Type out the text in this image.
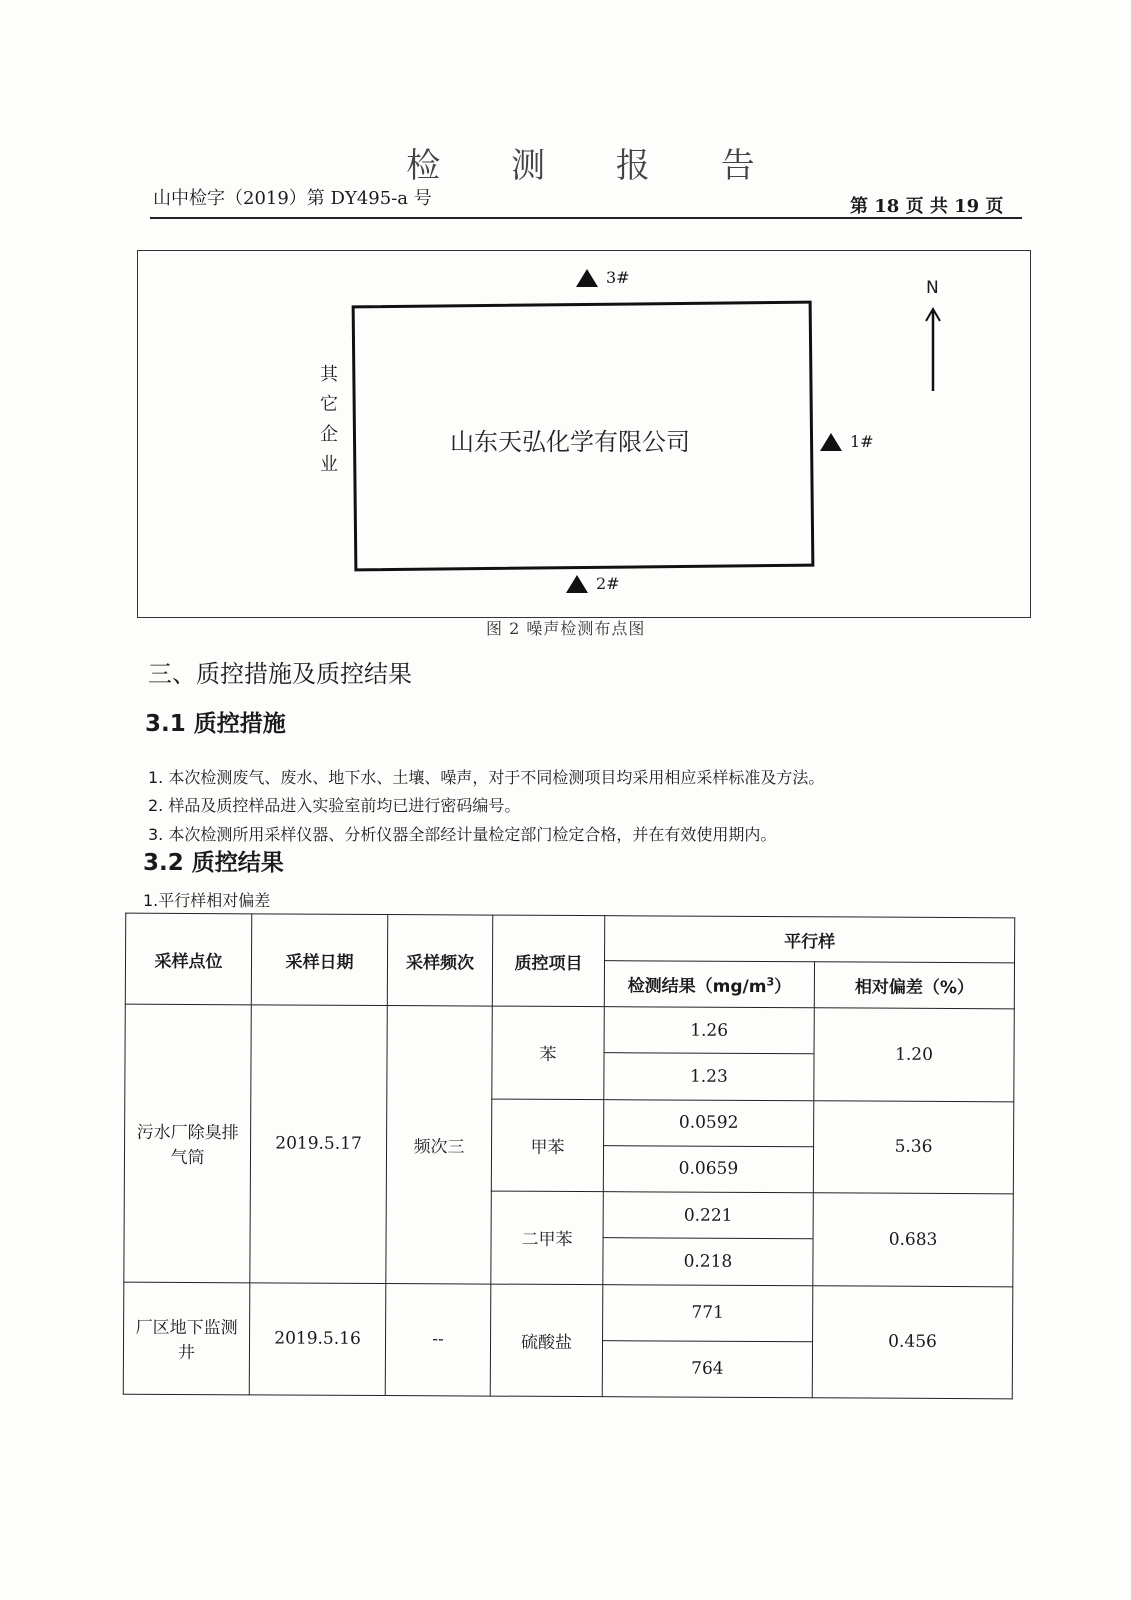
检 测 报 告
山中检字（2019）第 DY495-a 号	第 18 页 共 19 页
山东天弘化学有限公司
其它企业
3#
1#
2#
N
图 2 噪声检测布点图
三、质控措施及质控结果
3.1 质控措施
1. 本次检测废气、废水、地下水、土壤、噪声，对于不同检测项目均采用相应采样标准及方法。
2. 样品及质控样品进入实验室前均已进行密码编号。
3. 本次检测所用采样仪器、分析仪器全部经计量检定部门检定合格，并在有效使用期内。
3.2 质控结果
1.平行样相对偏差
采样点位	采样日期	采样频次	质控项目	平行样	
				检测结果$(mg/m^3)$	相对偏差（%）
污水厂除臭排气筒	2019.5.17	频次三	苯	1.26	1.20
				1.23	
			甲苯	0.0592	5.36
				0.0659	
			二甲苯	0.221	0.683
				0.218	
厂区地下监测井	2019.5.16	--	硫酸盐	771	0.456
				764	
